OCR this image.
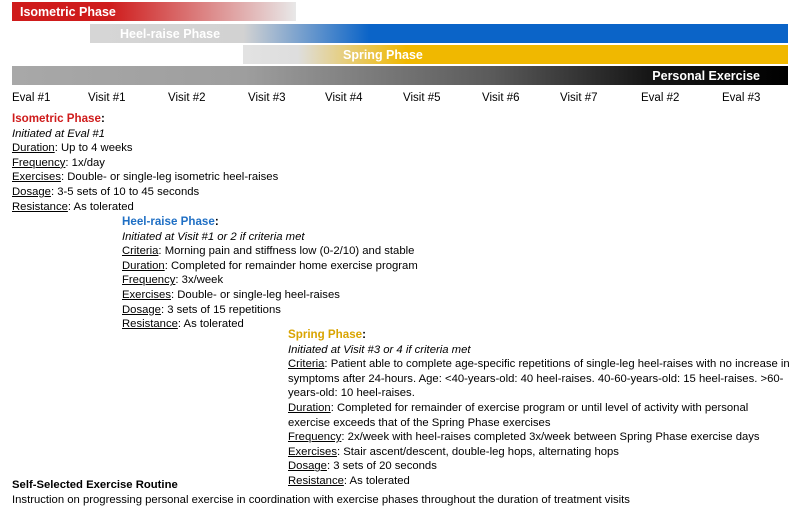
Isometric Phase
Heel-raise Phase
Spring Phase
Personal Exercise
Eval #1	Visit #1	Visit #2	Visit #3	Visit #4	Visit #5	Visit #6	Visit #7	Eval #2	Eval #3
Isometric Phase:
Initiated at Eval #1
Duration: Up to 4 weeks
Frequency: 1x/day
Exercises: Double- or single-leg isometric heel-raises
Dosage: 3-5 sets of 10 to 45 seconds
Resistance: As tolerated
Heel-raise Phase:
Initiated at Visit #1 or 2 if criteria met
Criteria: Morning pain and stiffness low (0-2/10) and stable
Duration: Completed for remainder home exercise program
Frequency: 3x/week
Exercises: Double- or single-leg heel-raises
Dosage: 3 sets of 15 repetitions
Resistance: As tolerated
Spring Phase:
Initiated at Visit #3 or 4 if criteria met
Criteria: Patient able to complete age-specific repetitions of single-leg heel-raises with no increase in symptoms after 24-hours. Age: <40-years-old: 40 heel-raises. 40-60-years-old: 15 heel-raises. >60-years-old: 10 heel-raises.
Duration: Completed for remainder of exercise program or until level of activity with personal exercise exceeds that of the Spring Phase exercises
Frequency: 2x/week with heel-raises completed 3x/week between Spring Phase exercise days
Exercises: Stair ascent/descent, double-leg hops, alternating hops
Dosage: 3 sets of 20 seconds
Resistance: As tolerated
Self-Selected Exercise Routine
Instruction on progressing personal exercise in coordination with exercise phases throughout the duration of treatment visits
